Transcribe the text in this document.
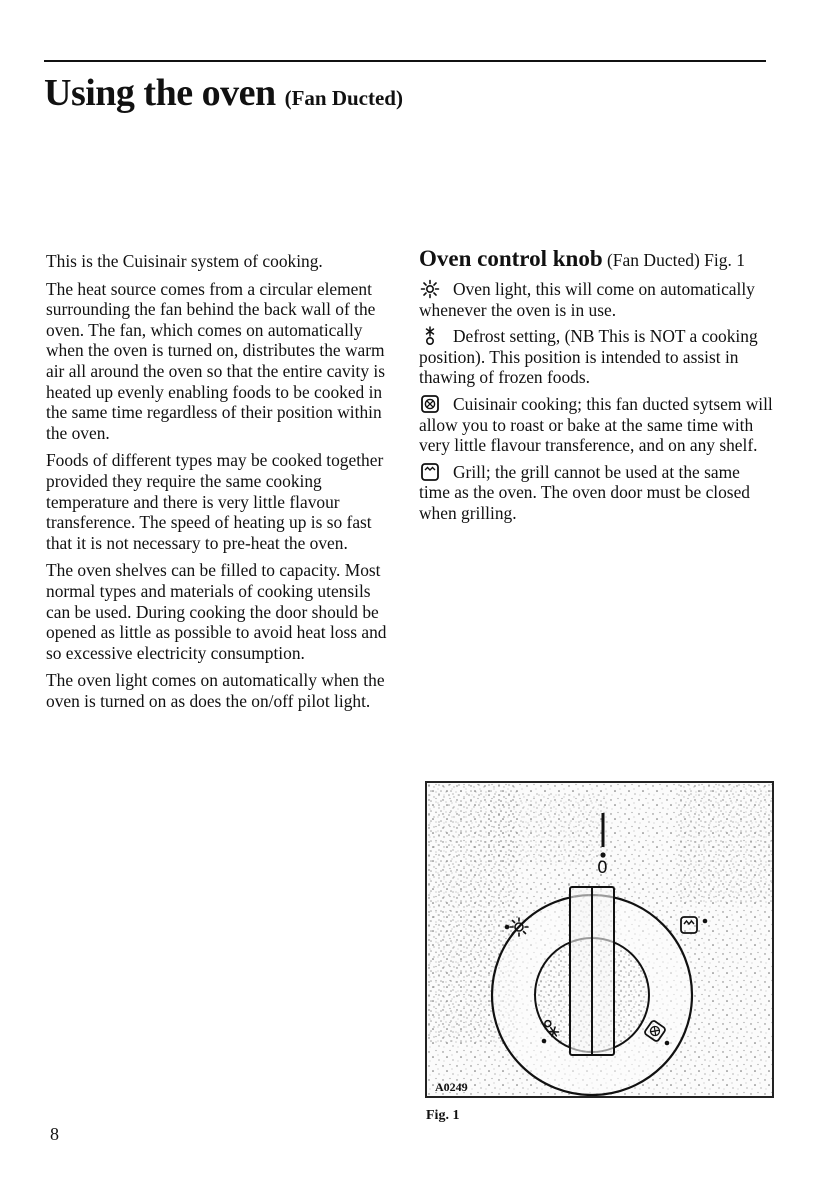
Using the oven (Fan Ducted)

This is the Cuisinair system of cooking.

The heat source comes from a circular element surrounding the fan behind the back wall of the oven. The fan, which comes on automatically when the oven is turned on, distributes the warm air all around the oven so that the entire cavity is heated up evenly enabling foods to be cooked in the same time regardless of their position within the oven.

Foods of different types may be cooked together provided they require the same cooking temperature and there is very little flavour transference. The speed of heating up is so fast that it is not necessary to pre-heat the oven.

The oven shelves can be filled to capacity. Most normal types and materials of cooking utensils can be used. During cooking the door should be opened as little as possible to avoid heat loss and so excessive electricity consumption.

The oven light comes on automatically when the oven is turned on as does the on/off pilot light.

Oven control knob (Fan Ducted) Fig. 1

Oven light, this will come on automatically whenever the oven is in use.

Defrost setting, (NB This is NOT a cooking position). This position is intended to assist in thawing of frozen foods.

Cuisinair cooking; this fan ducted sytsem will allow you to roast or bake at the same time with very little flavour transference, and on any shelf.

Grill; the grill cannot be used at the same time as the oven. The oven door must be closed when grilling.

0
A0249
Fig. 1
8
